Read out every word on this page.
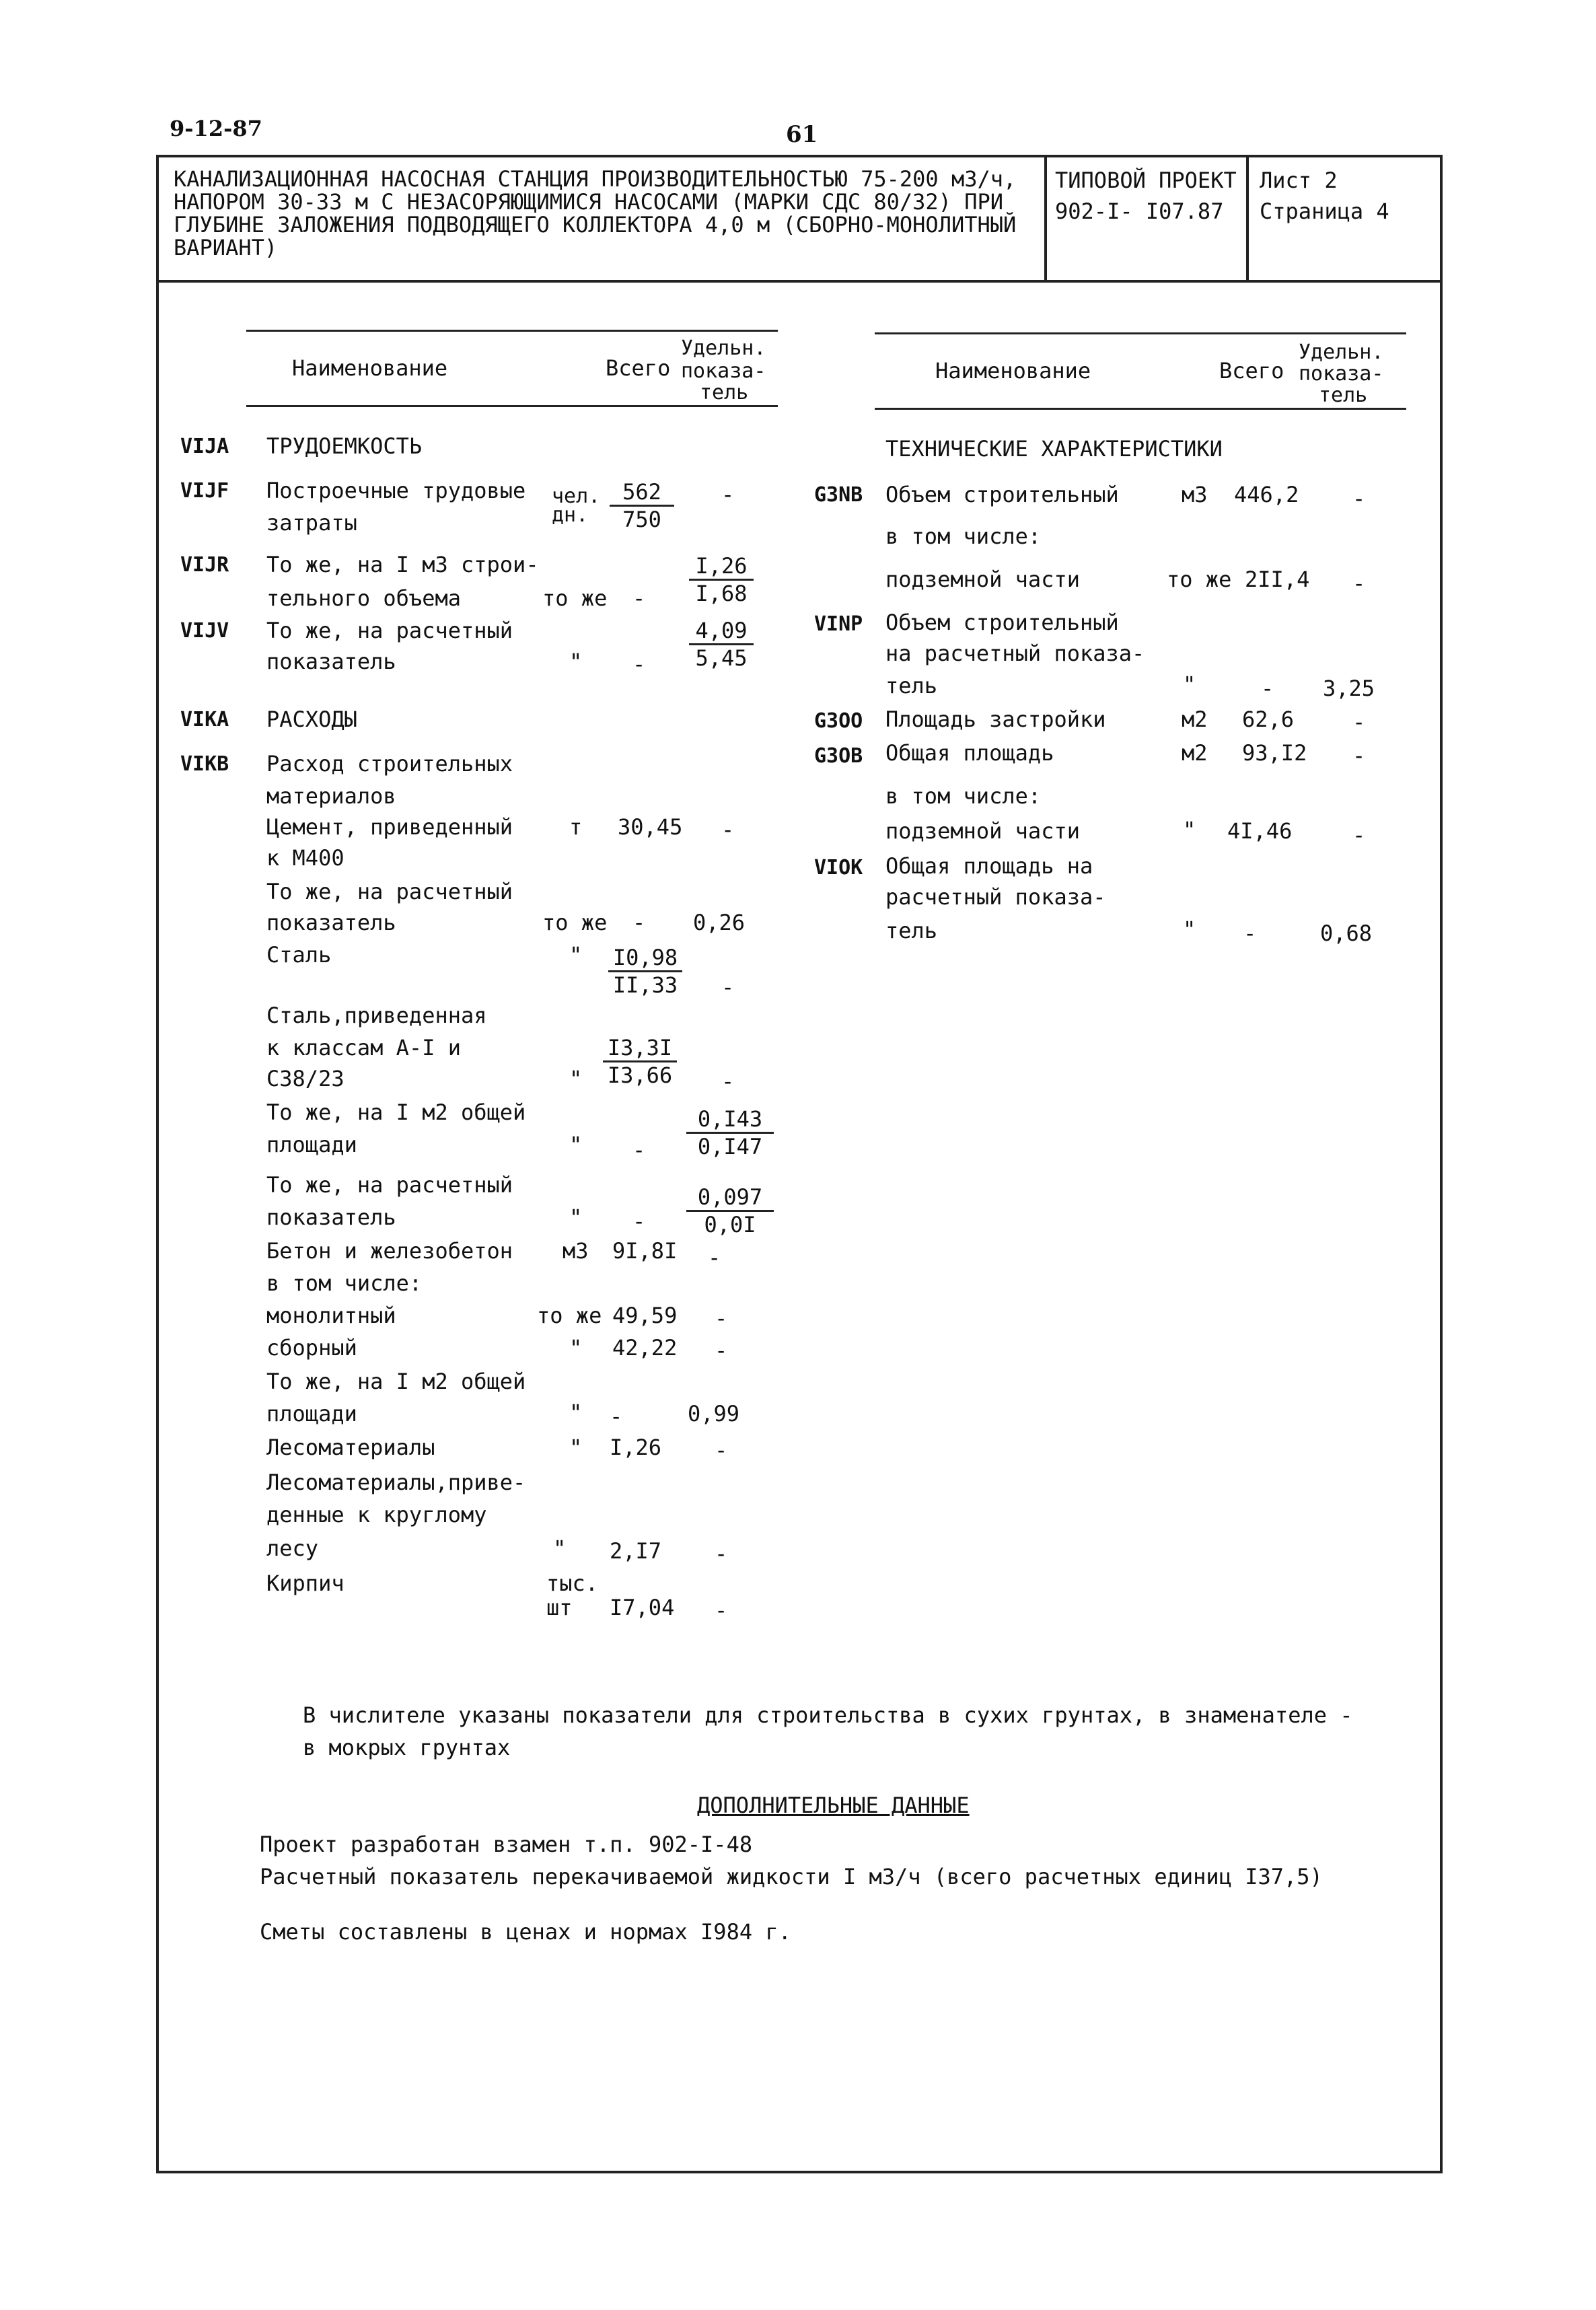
9-12-87	61
КАНАЛИЗАЦИОННАЯ НАСОСНАЯ СТАНЦИЯ ПРОИЗВОДИТЕЛЬНОСТЬЮ 75-200 м3/ч,
НАПОРОМ 30-33 м С НЕЗАСОРЯЮЩИМИСЯ НАСОСАМИ (МАРКИ СДС 80/32) ПРИ
ГЛУБИНЕ ЗАЛОЖЕНИЯ ПОДВОДЯЩЕГО КОЛЛЕКТОРА 4,0 м (СБОРНО-МОНОЛИТНЫЙ
ВАРИАНТ)
ТИПОВОЙ ПРОЕКТ
902-I- I07.87
Лист 2
Страница 4
Наименование	Всего
Удельн.
показа-
тель
Наименование	Всего
Удельн.
показа-
тель
VIJA ТРУДОЕМКОСТЬ
VIJF Построечные трудовые
затраты
чел.
дн. $\frac{562}{750}$ -
VIJR То же, на I м3 строи-
тельного объема	то же - $\frac{I,26}{I,68}$
VIJV То же, на расчетный
показатель	" - $\frac{4,09}{5,45}$
VIKA РАСХОДЫ
VIKB Расход строительных
материалов
Цемент, приведенный
к М400
т 30,45 -
То же, на расчетный
показатель	то же - 0,26
Сталь	" $\frac{I0,98}{II,33}$ -
Сталь,приведенная
к классам А-I и
С38/23	" $\frac{I3,3I}{I3,66}$ -
То же, на I м2 общей
площади	" - $\frac{0,I43}{0,I47}$
То же, на расчетный
показатель	" - $\frac{0,097}{0,0I}$
Бетон и железобетон м3 9I,8I -
в том числе:
монолитный	то же 49,59 -
сборный	" 42,22 -
То же, на I м2 общей
площади	" -	0,99
Лесоматериалы	" I,26 -
Лесоматериалы,приве-
денные к круглому
лесу	" 2,I7 -
Кирпич	тыс.
шт I7,04 -
ТЕХНИЧЕСКИЕ ХАРАКТЕРИСТИКИ
G3NB Объем строительный	м3 446,2 -
в том числе:
подземной части	то же 2II,4 -
VINP Объем строительный
на расчетный показа-
тель	"	- 3,25
G3OO Площадь застройки	м2 62,6	-
G3OB Общая площадь	м2 93,I2 -
в том числе:
подземной части	" 4I,46	-
VIOK Общая площадь на
расчетный показа-
тель	" -	0,68
В числителе указаны показатели для строительства в сухих грунтах, в знаменателе -
в мокрых грунтах
ДОПОЛНИТЕЛЬНЫЕ ДАННЫЕ
Проект разработан взамен т.п. 902-I-48
Расчетный показатель перекачиваемой жидкости I м3/ч (всего расчетных единиц I37,5)
Сметы составлены в ценах и нормах I984 г.
